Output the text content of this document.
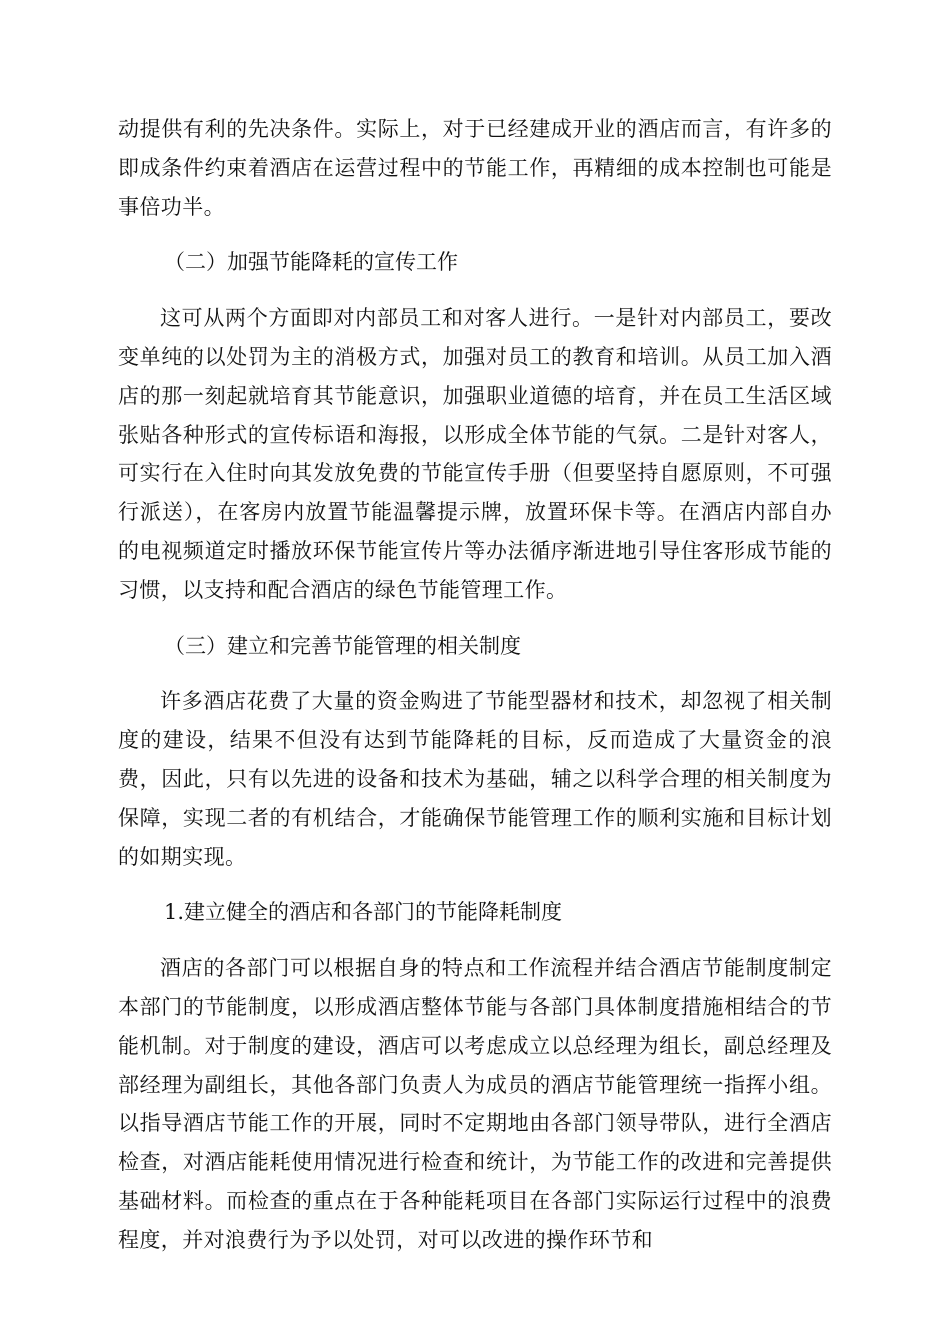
动提供有利的先决条件。实际上，对于已经建成开业的酒店而言，有许多的即成条件约束着酒店在运营过程中的节能工作，再精细的成本控制也可能是事倍功半。

（二）加强节能降耗的宣传工作

这可从两个方面即对内部员工和对客人进行。一是针对内部员工，要改变单纯的以处罚为主的消极方式，加强对员工的教育和培训。从员工加入酒店的那一刻起就培育其节能意识，加强职业道德的培育，并在员工生活区域张贴各种形式的宣传标语和海报，以形成全体节能的气氛。二是针对客人，可实行在入住时向其发放免费的节能宣传手册（但要坚持自愿原则，不可强行派送），在客房内放置节能温馨提示牌，放置环保卡等。在酒店内部自办的电视频道定时播放环保节能宣传片等办法循序渐进地引导住客形成节能的习惯，以支持和配合酒店的绿色节能管理工作。

（三）建立和完善节能管理的相关制度

许多酒店花费了大量的资金购进了节能型器材和技术，却忽视了相关制度的建设，结果不但没有达到节能降耗的目标，反而造成了大量资金的浪费，因此，只有以先进的设备和技术为基础，辅之以科学合理的相关制度为保障，实现二者的有机结合，才能确保节能管理工作的顺利实施和目标计划的如期实现。

1.建立健全的酒店和各部门的节能降耗制度

酒店的各部门可以根据自身的特点和工作流程并结合酒店节能制度制定本部门的节能制度，以形成酒店整体节能与各部门具体制度措施相结合的节能机制。对于制度的建设，酒店可以考虑成立以总经理为组长，副总经理及部经理为副组长，其他各部门负责人为成员的酒店节能管理统一指挥小组。以指导酒店节能工作的开展，同时不定期地由各部门领导带队，进行全酒店检查，对酒店能耗使用情况进行检查和统计，为节能工作的改进和完善提供基础材料。而检查的重点在于各种能耗项目在各部门实际运行过程中的浪费程度，并对浪费行为予以处罚，对可以改进的操作环节和
